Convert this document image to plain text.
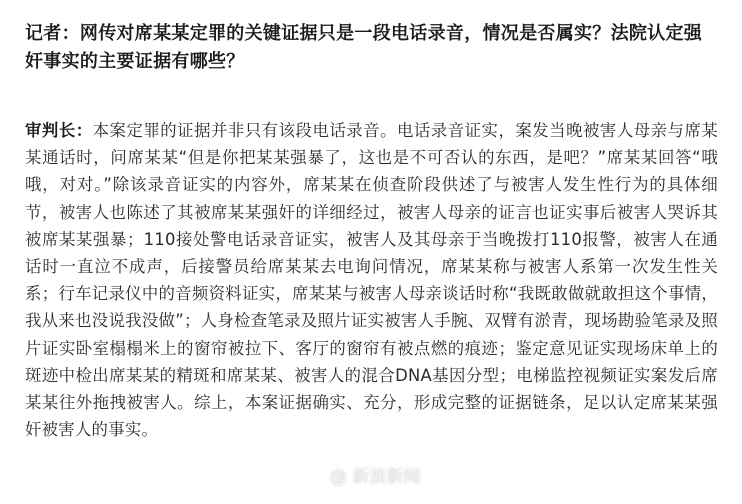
记者：网传对席某某定罪的关键证据只是一段电话录音，情况是否属实？法院认定强奸事实的主要证据有哪些？

审判长：本案定罪的证据并非只有该段电话录音。电话录音证实，案发当晚被害人母亲与席某某通话时，问席某某“但是你把某某强暴了，这也是不可否认的东西，是吧？”席某某回答“哦哦，对对。”除该录音证实的内容外，席某某在侦查阶段供述了与被害人发生性行为的具体细节，被害人也陈述了其被席某某强奸的详细经过，被害人母亲的证言也证实事后被害人哭诉其被席某某强暴；110接处警电话录音证实，被害人及其母亲于当晚拨打110报警，被害人在通话时一直泣不成声，后接警员给席某某去电询问情况，席某某称与被害人系第一次发生性关系；行车记录仪中的音频资料证实，席某某与被害人母亲谈话时称“我既敢做就敢担这个事情，我从来也没说我没做”；人身检查笔录及照片证实被害人手腕、双臂有淤青，现场勘验笔录及照片证实卧室榻榻米上的窗帘被拉下、客厅的窗帘有被点燃的痕迹；鉴定意见证实现场床单上的斑迹中检出席某某的精斑和席某某、被害人的混合DNA基因分型；电梯监控视频证实案发后席某某往外拖拽被害人。综上，本案证据确实、充分，形成完整的证据链条，足以认定席某某强奸被害人的事实。

@ 新浪新闻
